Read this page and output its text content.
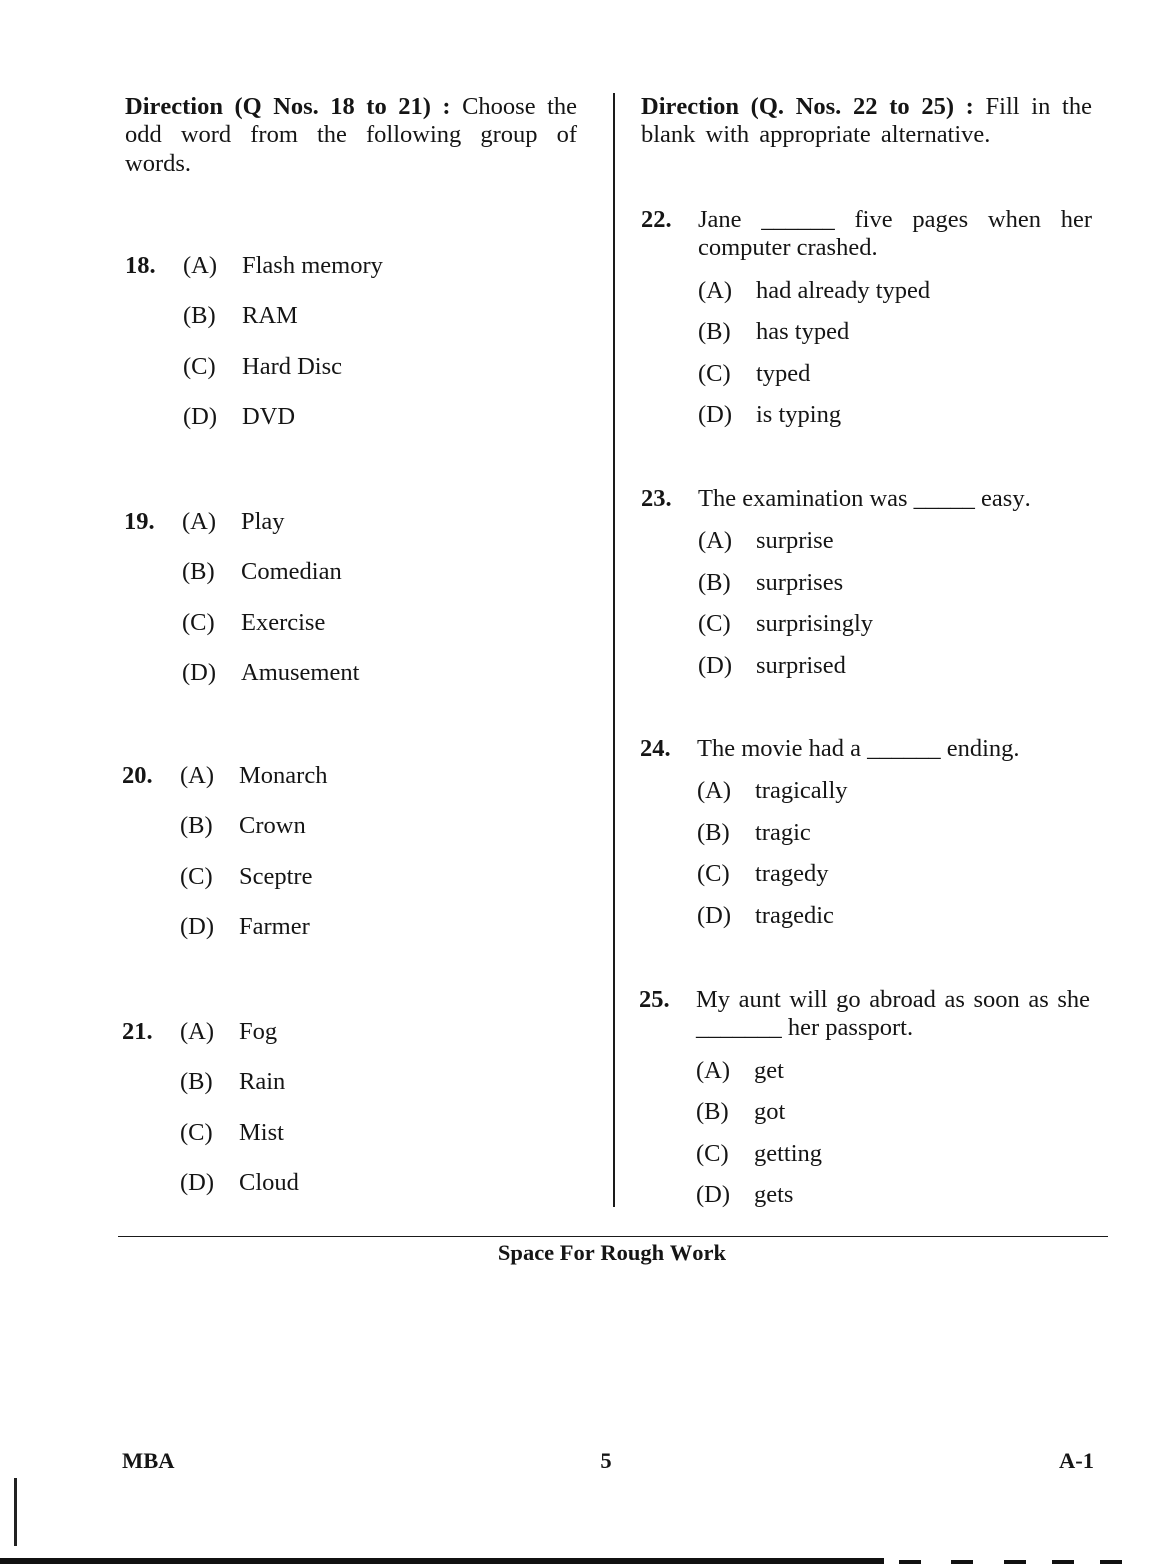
Direction (Q Nos. 18 to 21) : Choose the odd word from the following group of words.

Direction (Q. Nos. 22 to 25) : Fill in the blank with appropriate alternative.

18. (A) Flash memory
(B) RAM
(C) Hard Disc
(D) DVD
19. (A) Play
(B) Comedian
(C) Exercise
(D) Amusement
20. (A) Monarch
(B) Crown
(C) Sceptre
(D) Farmer
21. (A) Fog
(B) Rain
(C) Mist
(D) Cloud
22. Jane ______ five pages when her computer crashed.

(A) had already typed
(B) has typed
(C) typed
(D) is typing
23. The examination was _____ easy.

(A) surprise
(B) surprises
(C) surprisingly
(D) surprised
24. The movie had a ______ ending.

(A) tragically
(B) tragic
(C) tragedy
(D) tragedic
25. My aunt will go abroad as soon as she _______ her passport.

(A) get
(B) got
(C) getting
(D) gets
Space For Rough Work
MBA	5	A-1
